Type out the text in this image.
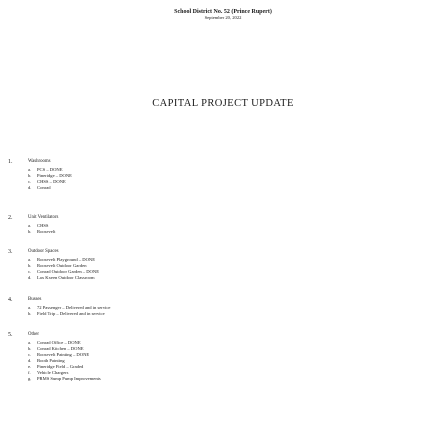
School District No. 52 (Prince Rupert)
September 20, 2022
CAPITAL PROJECT UPDATE
1.	Washrooms
a.	PCS – DONE
b.	Pineridge – DONE
c.	CHSS – DONE
d.	Conrad
2.	Unit Ventilators
a.	CHSS
b.	Roosevelt
3.	Outdoor Spaces
a.	Roosevelt Playground – DONE
b.	Roosevelt Outdoor Garden
c.	Conrad Outdoor Garden – DONE
d.	Lax Kxeen Outdoor Classroom
4.	Busses
a.	72 Passenger – Delivered and in service
b.	Field Trip – Delivered and in service
5.	Other
a.	Conrad Office – DONE
b.	Conrad Kitchen – DONE
c.	Roosevelt Painting – DONE
d.	Booth Painting
e.	Pineridge Field – Graded
f.	Vehicle Chargers
g.	PRMS Sump Pump Improvements
